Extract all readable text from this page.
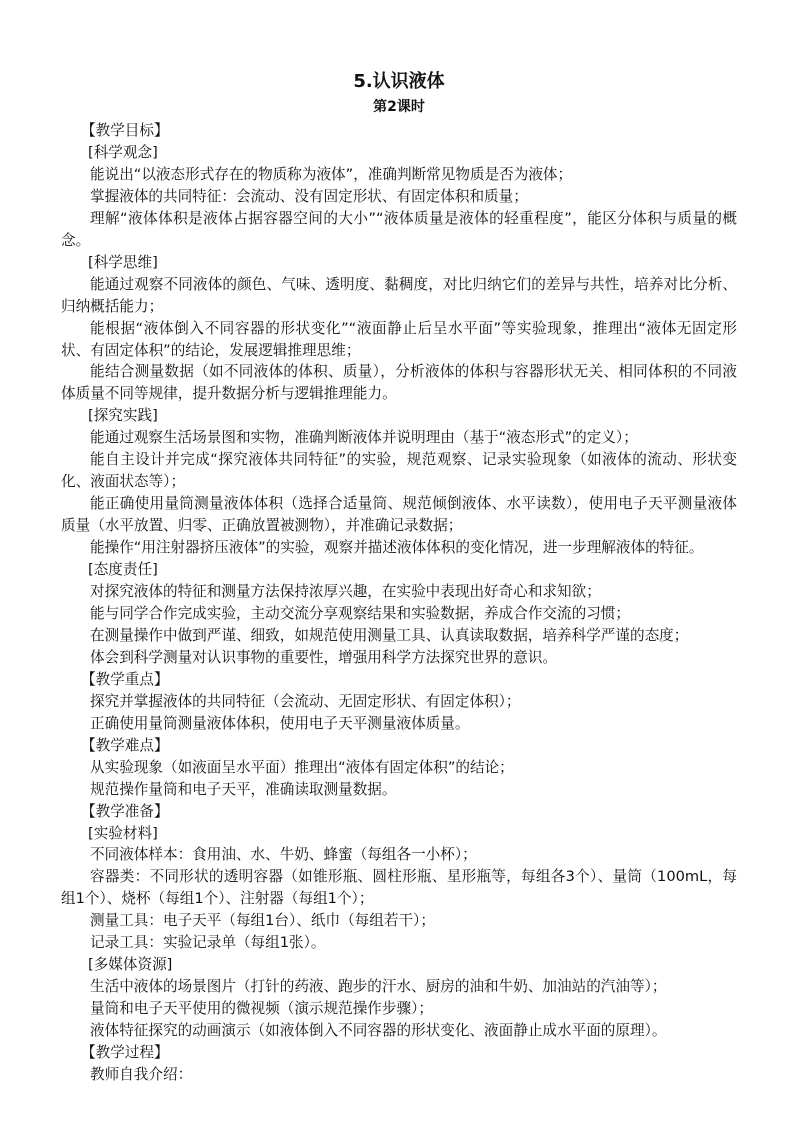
5.认识液体
第2课时

【教学目标】

[科学观念]

能说出“以液态形式存在的物质称为液体”，准确判断常见物质是否为液体；

掌握液体的共同特征：会流动、没有固定形状、有固定体积和质量；

理解“液体体积是液体占据容器空间的大小”“液体质量是液体的轻重程度”，能区分体积与质量的概念。

[科学思维]

能通过观察不同液体的颜色、气味、透明度、黏稠度，对比归纳它们的差异与共性，培养对比分析、归纳概括能力；

能根据“液体倒入不同容器的形状变化”“液面静止后呈水平面”等实验现象，推理出“液体无固定形状、有固定体积”的结论，发展逻辑推理思维；

能结合测量数据（如不同液体的体积、质量），分析液体的体积与容器形状无关、相同体积的不同液体质量不同等规律，提升数据分析与逻辑推理能力。

[探究实践]

能通过观察生活场景图和实物，准确判断液体并说明理由（基于“液态形式”的定义）；

能自主设计并完成“探究液体共同特征”的实验，规范观察、记录实验现象（如液体的流动、形状变化、液面状态等）；

能正确使用量筒测量液体体积（选择合适量筒、规范倾倒液体、水平读数），使用电子天平测量液体质量（水平放置、归零、正确放置被测物），并准确记录数据；

能操作“用注射器挤压液体”的实验，观察并描述液体体积的变化情况，进一步理解液体的特征。

[态度责任]

对探究液体的特征和测量方法保持浓厚兴趣，在实验中表现出好奇心和求知欲；

能与同学合作完成实验，主动交流分享观察结果和实验数据，养成合作交流的习惯；

在测量操作中做到严谨、细致，如规范使用测量工具、认真读取数据，培养科学严谨的态度；

体会到科学测量对认识事物的重要性，增强用科学方法探究世界的意识。

【教学重点】

探究并掌握液体的共同特征（会流动、无固定形状、有固定体积）；

正确使用量筒测量液体体积，使用电子天平测量液体质量。

【教学难点】

从实验现象（如液面呈水平面）推理出“液体有固定体积”的结论；

规范操作量筒和电子天平，准确读取测量数据。

【教学准备】

[实验材料]

不同液体样本：食用油、水、牛奶、蜂蜜（每组各一小杯）；

容器类：不同形状的透明容器（如锥形瓶、圆柱形瓶、星形瓶等，每组各3个）、量筒（100mL，每组1个）、烧杯（每组1个）、注射器（每组1个）；

测量工具：电子天平（每组1台）、纸巾（每组若干）；

记录工具：实验记录单（每组1张）。

[多媒体资源]

生活中液体的场景图片（打针的药液、跑步的汗水、厨房的油和牛奶、加油站的汽油等）；

量筒和电子天平使用的微视频（演示规范操作步骤）；

液体特征探究的动画演示（如液体倒入不同容器的形状变化、液面静止成水平面的原理）。

【教学过程】

教师自我介绍：
